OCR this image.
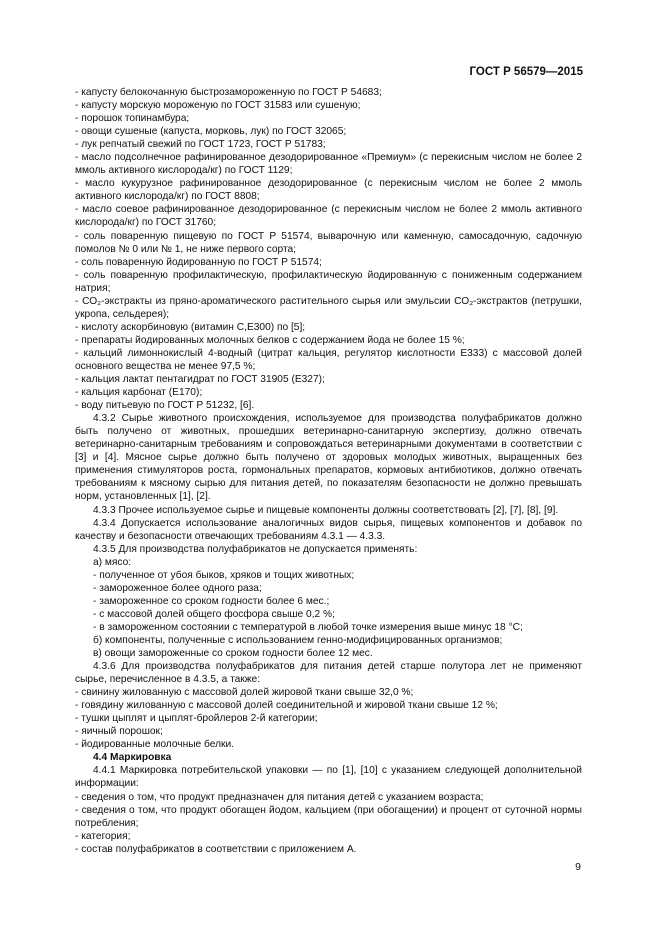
ГОСТ Р 56579—2015

- капусту белокочанную быстрозамороженную по ГОСТ Р 54683;

- капусту морскую мороженую по ГОСТ 31583 или сушеную;

- порошок топинамбура;

- овощи сушеные (капуста, морковь, лук) по ГОСТ 32065;

- лук репчатый свежий по ГОСТ 1723, ГОСТ Р 51783;

- масло подсолнечное рафинированное дезодорированное «Премиум» (с перекисным числом не более 2 ммоль активного кислорода/кг) по ГОСТ 1129;

- масло кукурузное рафинированное дезодорированное (с перекисным числом не более 2 ммоль активного кислорода/кг) по ГОСТ 8808;

- масло соевое рафинированное дезодорированное (с перекисным числом не более 2 ммоль активного кислорода/кг) по ГОСТ 31760;

- соль поваренную пищевую по ГОСТ Р 51574, выварочную или каменную, самосадочную, садочную помолов № 0 или № 1, не ниже первого сорта;

- соль поваренную йодированную по ГОСТ Р 51574;

- соль поваренную профилактическую, профилактическую йодированную с пониженным содержанием натрия;

- СО₂-экстракты из пряно-ароматического растительного сырья или эмульсии СО₂-экстрактов (петрушки, укропа, сельдерея);

- кислоту аскорбиновую (витамин С,Е300) по [5];

- препараты йодированных молочных белков с содержанием йода не более 15 %;

- кальций лимоннокислый 4-водный (цитрат кальция, регулятор кислотности Е333) с массовой долей основного вещества не менее 97,5 %;

- кальция лактат пентагидрат по ГОСТ 31905 (Е327);

- кальция карбонат (Е170);

- воду питьевую по ГОСТ Р 51232, [6].

4.3.2 Сырье животного происхождения, используемое для производства полуфабрикатов должно быть получено от животных, прошедших ветеринарно-санитарную экспертизу, должно отвечать ветеринарно-санитарным требованиям и сопровождаться ветеринарными документами в соответствии с [3] и [4]. Мясное сырье должно быть получено от здоровых молодых животных, выращенных без применения стимуляторов роста, гормональных препаратов, кормовых антибиотиков, должно отвечать требованиям к мясному сырью для питания детей, по показателям безопасности не должно превышать норм, установленных [1], [2].

4.3.3 Прочее используемое сырье и пищевые компоненты должны соответствовать [2], [7], [8], [9].

4.3.4 Допускается использование аналогичных видов сырья, пищевых компонентов и добавок по качеству и безопасности отвечающих требованиям 4.3.1 — 4.3.3.

4.3.5 Для производства полуфабрикатов не допускается применять:

а) мясо:

- полученное от убоя быков, хряков и тощих животных;

- замороженное более одного раза;

- замороженное со сроком годности более 6 мес.;

- с массовой долей общего фосфора свыше 0,2 %;

- в замороженном состоянии с температурой в любой точке измерения выше минус 18 °С;

б) компоненты, полученные с использованием генно-модифицированных организмов;

в) овощи замороженные со сроком годности более 12 мес.

4.3.6 Для производства полуфабрикатов для питания детей старше полутора лет не применяют сырье, перечисленное в 4.3.5, а также:

- свинину жилованную с массовой долей жировой ткани свыше 32,0 %;

- говядину жилованную с массовой долей соединительной и жировой ткани свыше 12 %;

- тушки цыплят и цыплят-бройлеров 2-й категории;

- яичный порошок;

- йодированные молочные белки.

4.4 Маркировка

4.4.1 Маркировка потребительской упаковки — по [1], [10] с указанием следующей дополнительной информации:

- сведения о том, что продукт предназначен для питания детей с указанием возраста;

- сведения о том, что продукт обогащен йодом, кальцием (при обогащении) и процент от суточной нормы потребления;

- категория;

- состав полуфабрикатов в соответствии с приложением А.

9
